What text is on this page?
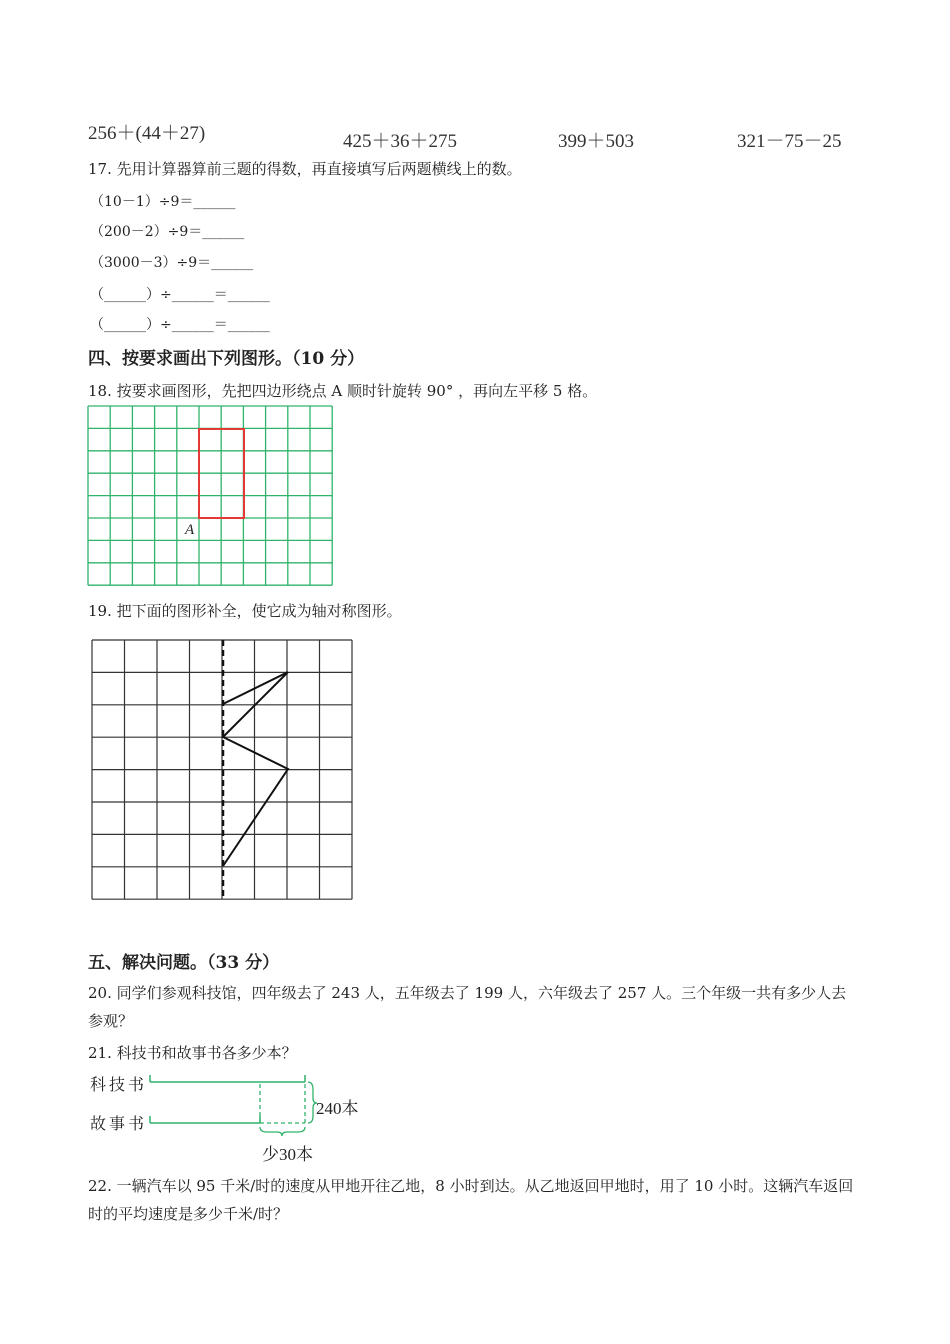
256＋(44＋27)	425＋36＋275	399＋503	321－75－25
17. 先用计算器算前三题的得数，再直接填写后两题横线上的数。
（10－1）÷9＝______
（200－2）÷9＝______
（3000－3）÷9＝______
（______）÷______＝______
（______）÷______＝______
四、按要求画出下列图形。（10 分）
18. 按要求画图形，先把四边形绕点 A 顺时针旋转 90° ，再向左平移 5 格。
A
19. 把下面的图形补全，使它成为轴对称图形。
五、解决问题。（33 分）
20. 同学们参观科技馆，四年级去了 243 人，五年级去了 199 人，六年级去了 257 人。三个年级一共有多少人去参观？
21. 科技书和故事书各多少本？
科技书
故事书
240本
少30本
22. 一辆汽车以 95 千米/时的速度从甲地开往乙地，8 小时到达。从乙地返回甲地时，用了 10 小时。这辆汽车返回时的平均速度是多少千米/时？
